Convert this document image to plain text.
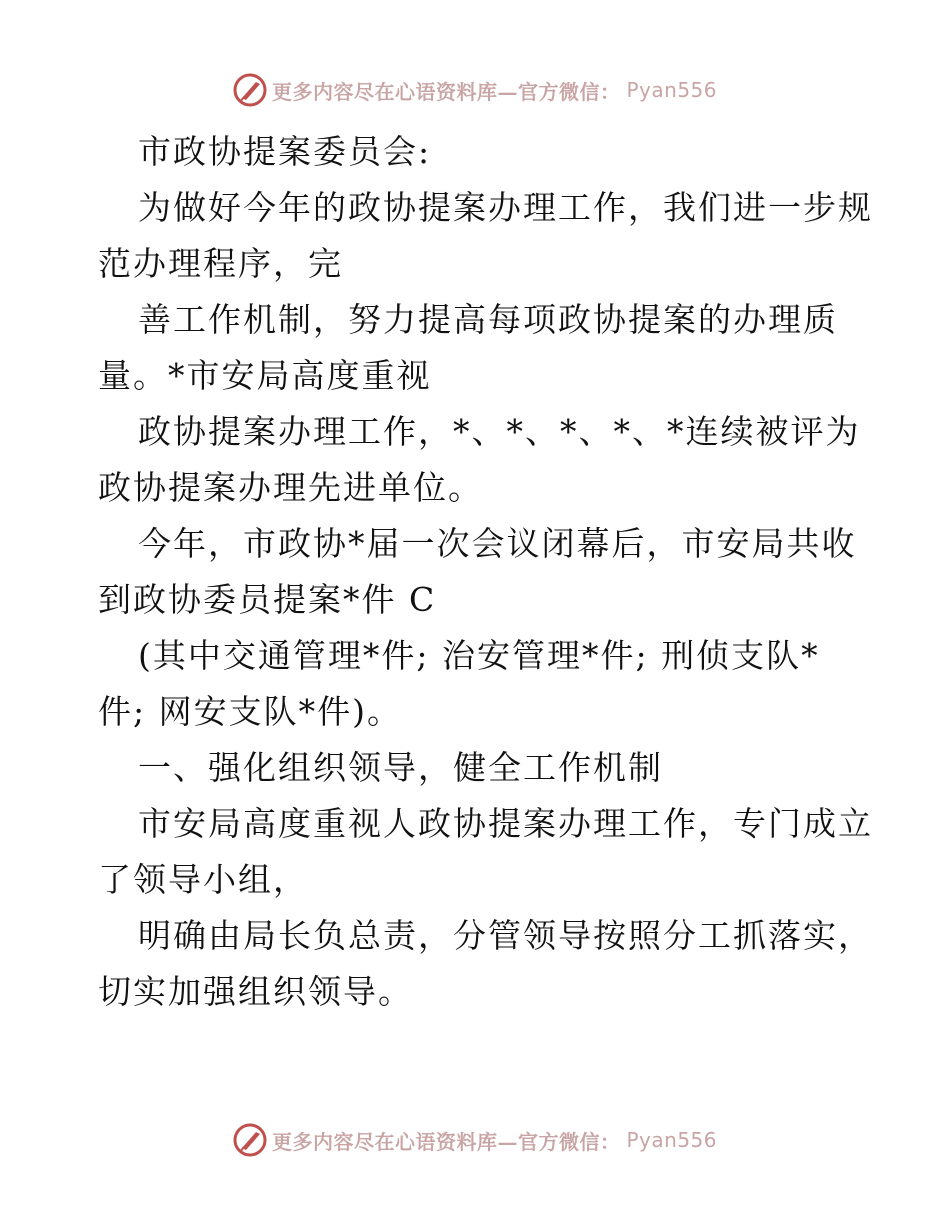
更多内容尽在心语资料库—官方微信： Pyan556
市政协提案委员会:
为做好今年的政协提案办理工作，我们进一步规
范办理程序，完
善工作机制，努力提高每项政协提案的办理质
量。*市安局高度重视
政协提案办理工作，*、*、*、*、*连续被评为
政协提案办理先进单位。
今年，市政协*届一次会议闭幕后，市安局共收
到政协委员提案*件 C
(其中交通管理*件; 治安管理*件; 刑侦支队*
件; 网安支队*件)。
一、强化组织领导，健全工作机制
市安局高度重视人政协提案办理工作，专门成立
了领导小组，
明确由局长负总责，分管领导按照分工抓落实，
切实加强组织领导。
更多内容尽在心语资料库—官方微信： Pyan556
